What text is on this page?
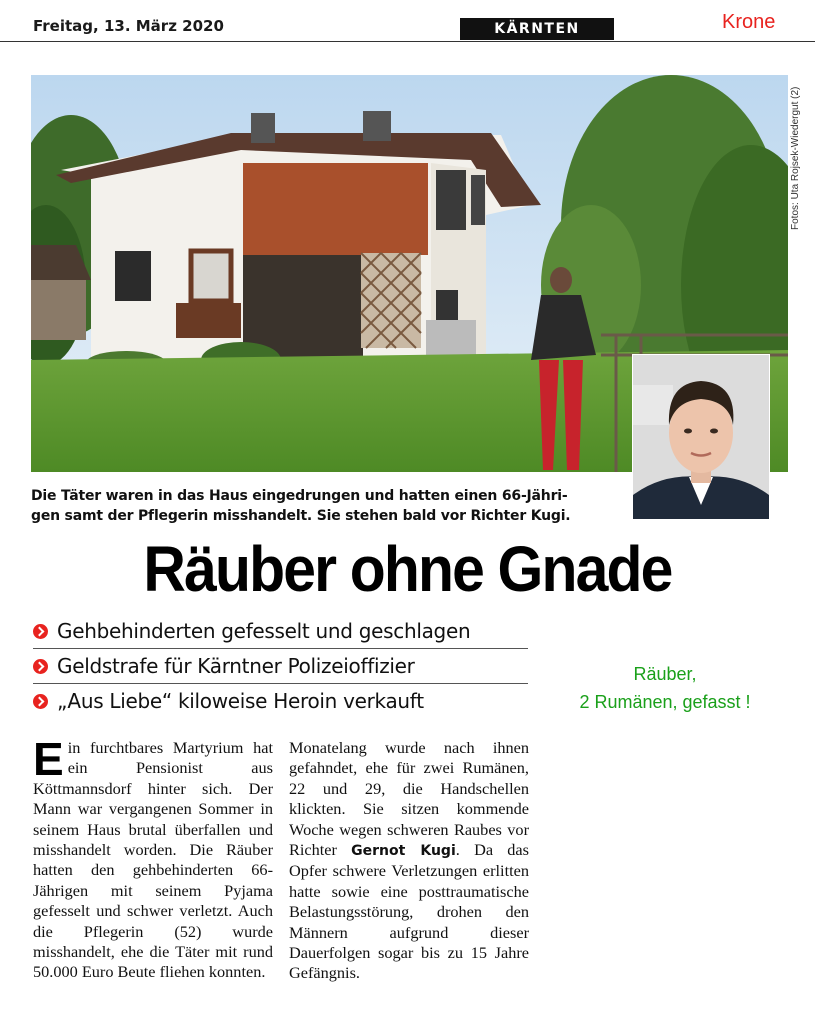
Freitag, 13. März 2020	KÄRNTEN	Krone
Fotos: Uta Rojsek-Wiedergut (2)
Die Täter waren in das Haus eingedrungen und hatten einen 66-Jähri-
gen samt der Pflegerin misshandelt. Sie stehen bald vor Richter Kugi.
Räuber ohne Gnade
Gehbehinderten gefesselt und geschlagen
Geldstrafe für Kärntner Polizeioffizier
„Aus Liebe“ kiloweise Heroin verkauft
Räuber,
2 Rumänen, gefasst !
Ein furchtbares Martyrium hat ein Pensionist aus Köttmannsdorf hinter sich. Der Mann war vergangenen Sommer in seinem Haus brutal überfallen und misshandelt worden. Die Räuber hatten den gehbehinderten 66-Jährigen mit seinem Pyjama gefesselt und schwer verletzt. Auch die Pflegerin (52) wurde misshandelt, ehe die Täter mit rund 50.000 Euro Beute fliehen konnten.
Monatelang wurde nach ihnen gefahndet, ehe für zwei Rumänen, 22 und 29, die Handschellen klickten. Sie sitzen kommende Woche wegen schweren Raubes vor Richter Gernot Kugi. Da das Opfer schwere Verletzungen erlitten hatte sowie eine posttraumatische Belastungsstörung, drohen den Männern aufgrund dieser Dauerfolgen sogar bis zu 15 Jahre Gefängnis.
